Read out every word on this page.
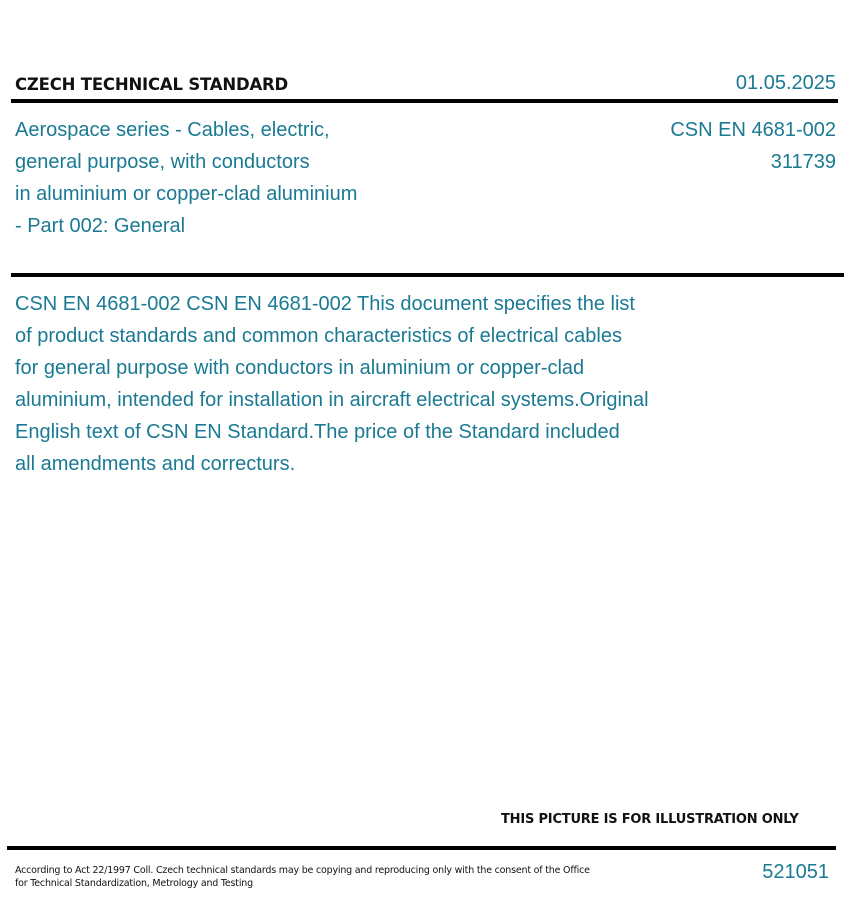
CZECH TECHNICAL STANDARD	01.05.2025
Aerospace series - Cables, electric,
general purpose, with conductors
in aluminium or copper-clad aluminium
- Part 002: General
CSN EN 4681-002
311739
CSN EN 4681-002 CSN EN 4681-002 This document specifies the list
of product standards and common characteristics of electrical cables
for general purpose with conductors in aluminium or copper-clad
aluminium, intended for installation in aircraft electrical systems.Original
English text of CSN EN Standard.The price of the Standard included
all amendments and correcturs.
THIS PICTURE IS FOR ILLUSTRATION ONLY
According to Act 22/1997 Coll. Czech technical standards may be copying and reproducing only with the consent of the Office
for Technical Standardization, Metrology and Testing
521051
